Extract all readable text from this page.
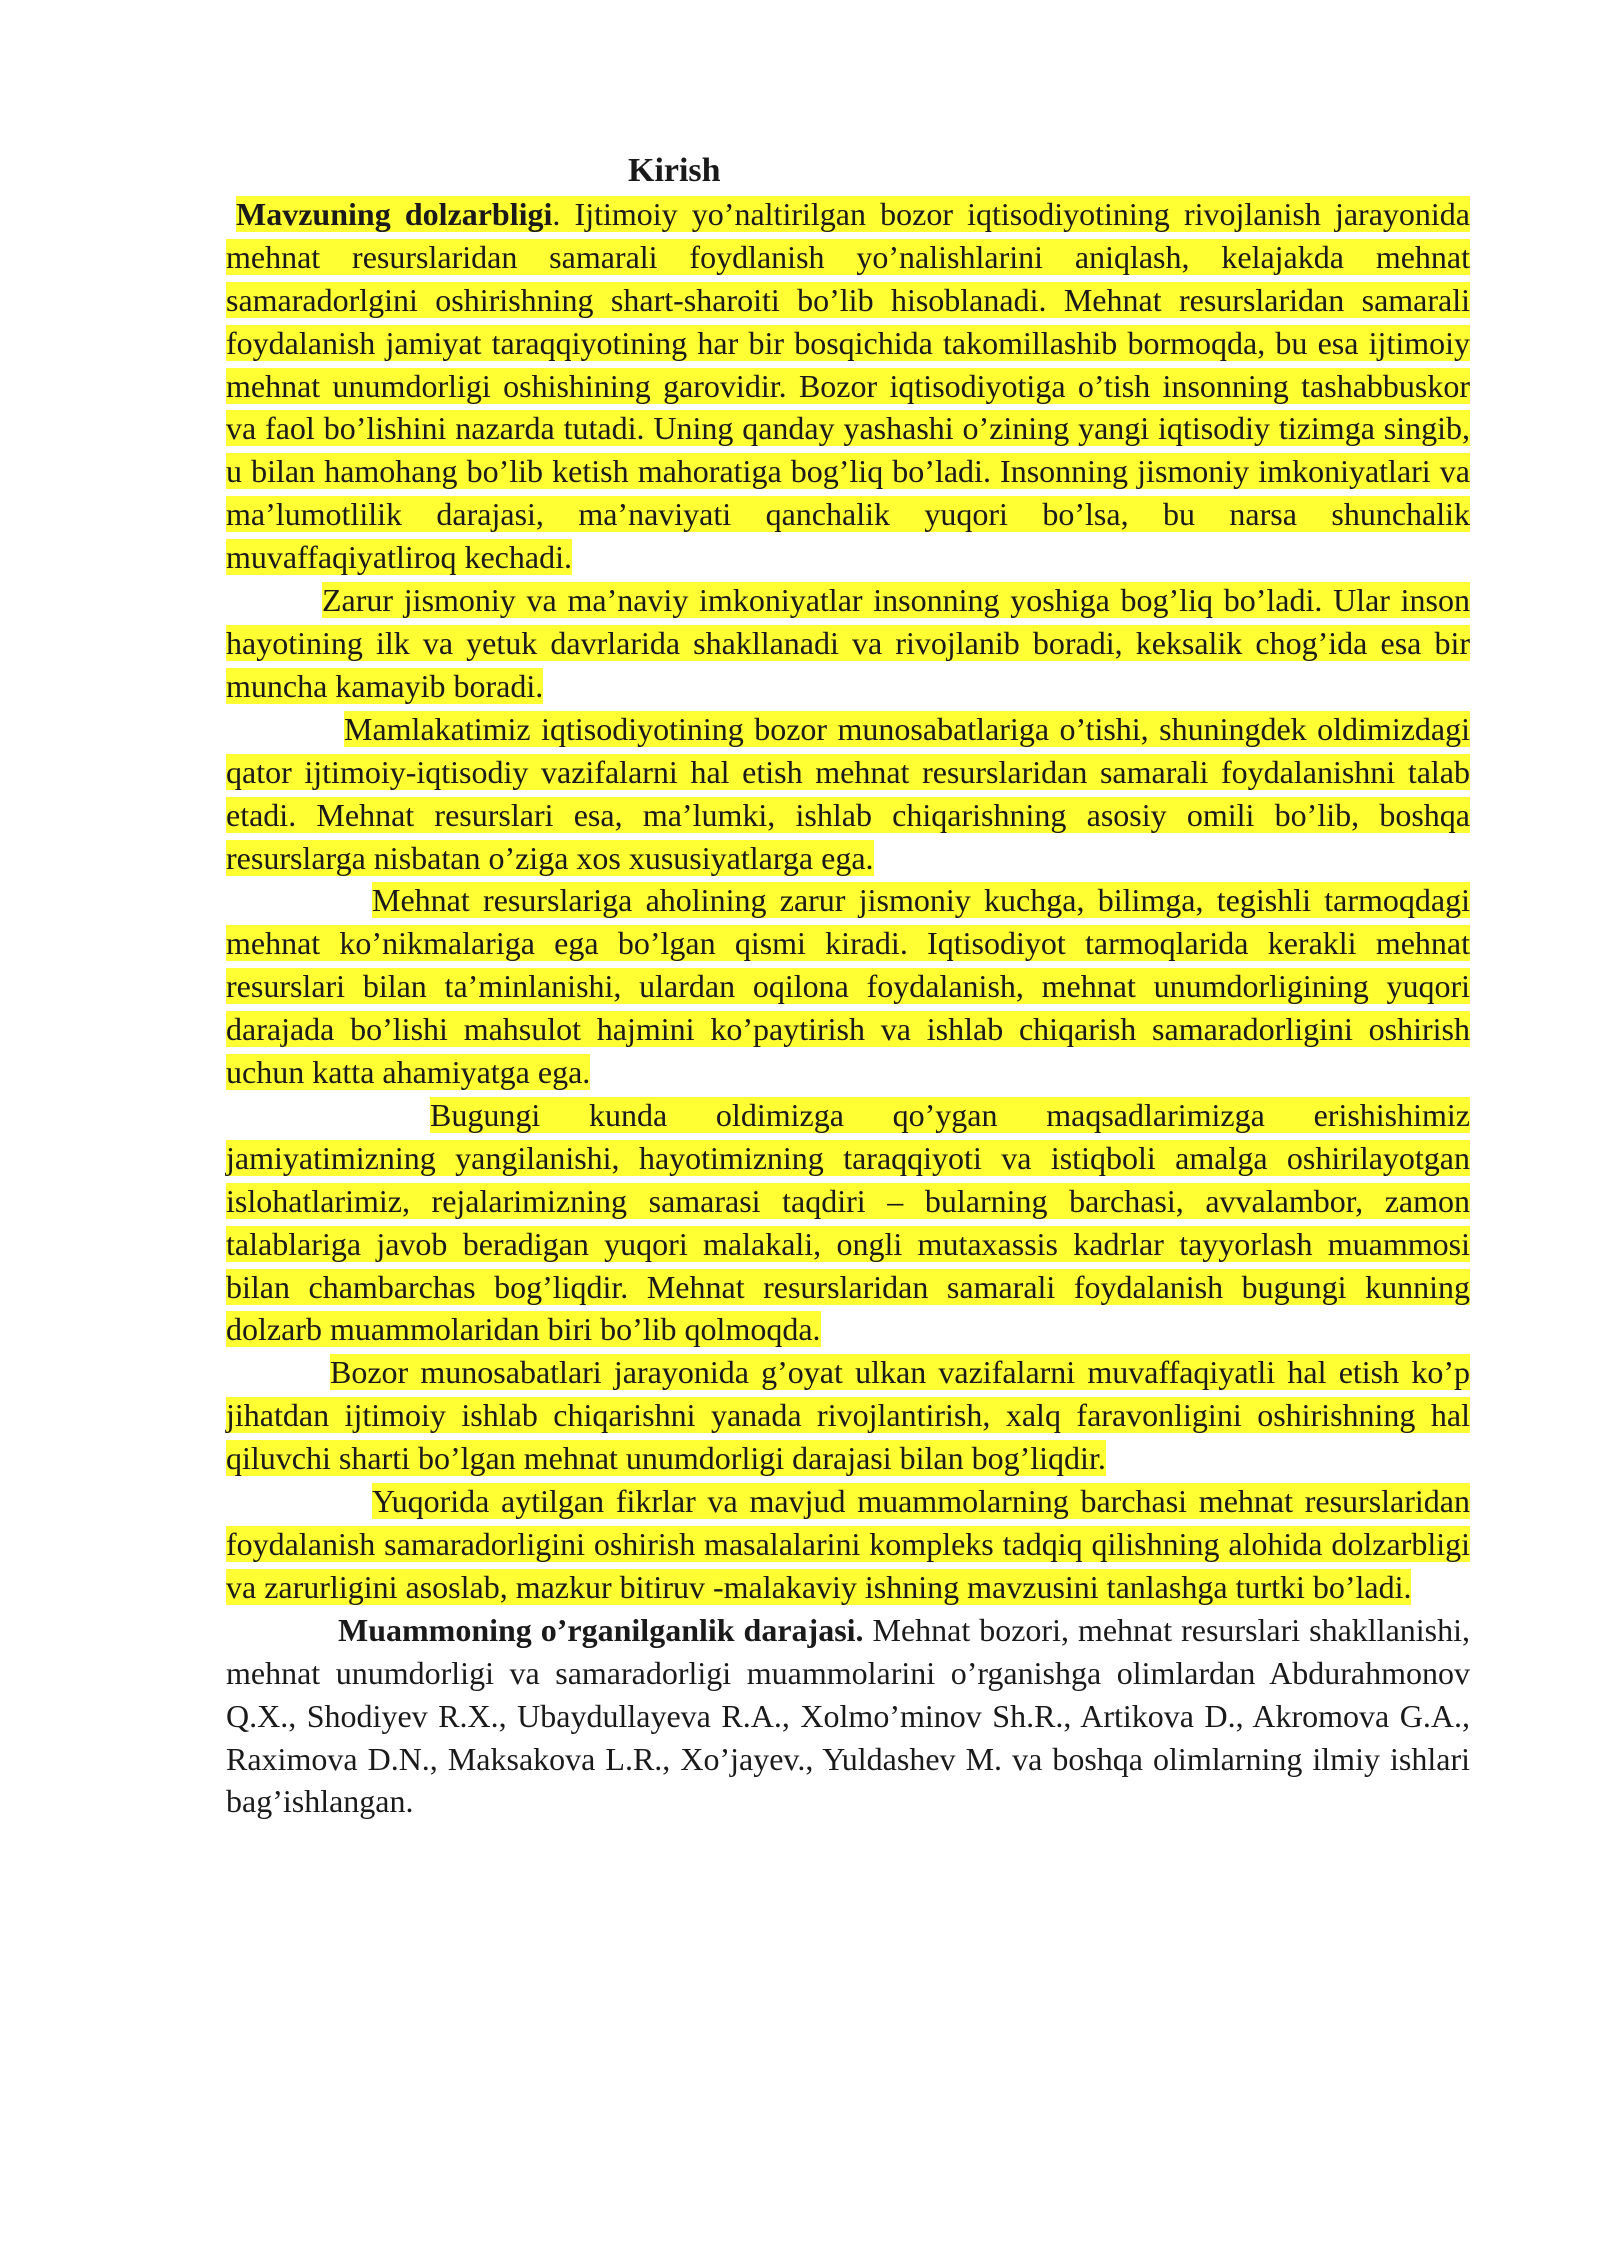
Kirish

Mavzuning dolzarbligi. Ijtimoiy yo’naltirilgan bozor iqtisodiyotining rivojlanish jarayonida mehnat resurslaridan samarali foydlanish yo’nalishlarini aniqlash, kelajakda mehnat samaradorlgini oshirishning shart-sharoiti bo’lib hisoblanadi. Mehnat resurslaridan samarali foydalanish jamiyat taraqqiyotining har bir bosqichida takomillashib bormoqda, bu esa ijtimoiy mehnat unumdorligi oshishining garovidir. Bozor iqtisodiyotiga o’tish insonning tashabbuskor va faol bo’lishini nazarda tutadi. Uning qanday yashashi o’zining yangi iqtisodiy tizimga singib, u bilan hamohang bo’lib ketish mahoratiga bog’liq bo’ladi. Insonning jismoniy imkoniyatlari va ma’lumotlilik darajasi, ma’naviyati qanchalik yuqori bo’lsa, bu narsa shunchalik muvaffaqiyatliroq kechadi.

Zarur jismoniy va ma’naviy imkoniyatlar insonning yoshiga bog’liq bo’ladi. Ular inson hayotining ilk va yetuk davrlarida shakllanadi va rivojlanib boradi, keksalik chog’ida esa bir muncha kamayib boradi.

Mamlakatimiz iqtisodiyotining bozor munosabatlariga o’tishi, shuningdek oldimizdagi qator ijtimoiy-iqtisodiy vazifalarni hal etish mehnat resurslaridan samarali foydalanishni talab etadi. Mehnat resurslari esa, ma’lumki, ishlab chiqarishning asosiy omili bo’lib, boshqa resurslarga nisbatan o’ziga xos xususiyatlarga ega.

Mehnat resurslariga aholining zarur jismoniy kuchga, bilimga, tegishli tarmoqdagi mehnat ko’nikmalariga ega bo’lgan qismi kiradi. Iqtisodiyot tarmoqlarida kerakli mehnat resurslari bilan ta’minlanishi, ulardan oqilona foydalanish, mehnat unumdorligining yuqori darajada bo’lishi mahsulot hajmini ko’paytirish va ishlab chiqarish samaradorligini oshirish uchun katta ahamiyatga ega.

Bugungi kunda oldimizga qo’ygan maqsadlarimizga erishishimiz jamiyatimizning yangilanishi, hayotimizning taraqqiyoti va istiqboli amalga oshirilayotgan islohatlarimiz, rejalarimizning samarasi taqdiri – bularning barchasi, avvalambor, zamon talablariga javob beradigan yuqori malakali, ongli mutaxassis kadrlar tayyorlash muammosi bilan chambarchas bog’liqdir. Mehnat resurslaridan samarali foydalanish bugungi kunning dolzarb muammolaridan biri bo’lib qolmoqda.

Bozor munosabatlari jarayonida g’oyat ulkan vazifalarni muvaffaqiyatli hal etish ko’p jihatdan ijtimoiy ishlab chiqarishni yanada rivojlantirish, xalq faravonligini oshirishning hal qiluvchi sharti bo’lgan mehnat unumdorligi darajasi bilan bog’liqdir.

Yuqorida aytilgan fikrlar va mavjud muammolarning barchasi mehnat resurslaridan foydalanish samaradorligini oshirish masalalarini kompleks tadqiq qilishning alohida dolzarbligi va zarurligini asoslab, mazkur bitiruv -malakaviy ishning mavzusini tanlashga turtki bo’ladi.

Muammoning o’rganilganlik darajasi. Mehnat bozori, mehnat resurslari shakllanishi, mehnat unumdorligi va samaradorligi muammolarini o’rganishga olimlardan Abdurahmonov Q.X., Shodiyev R.X., Ubaydullayeva R.A., Xolmo’minov Sh.R., Artikova D., Akromova G.A., Raximova D.N., Maksakova L.R., Xo’jayev., Yuldashev M. va boshqa olimlarning ilmiy ishlari bag’ishlangan.
